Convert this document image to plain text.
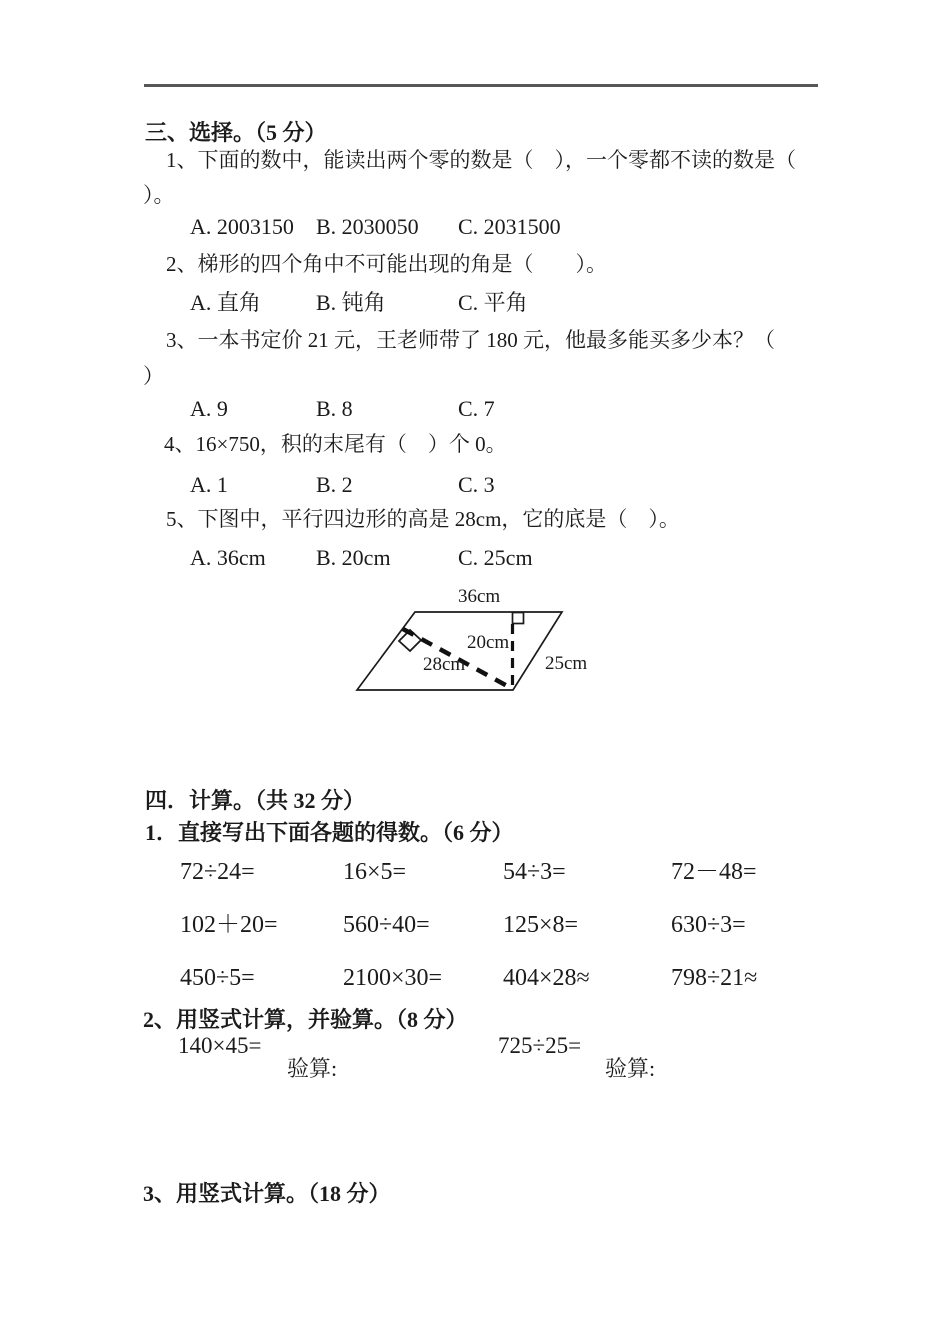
三、选择。（5 分）
1、下面的数中，能读出两个零的数是（　），一个零都不读的数是（
）。
A. 2003150 B. 2030050 C. 2031500
2、梯形的四个角中不可能出现的角是（　　）。
A. 直角	B. 钝角	C. 平角
3、一本书定价 21 元，王老师带了 180 元，他最多能买多少本？（
）
A. 9	B. 8	C. 7
4、16×750，积的末尾有（　）个 0。
A. 1	B. 2	C. 3
5、下图中，平行四边形的高是 28cm，它的底是（　）。
A. 36cm B. 20cm	C. 25cm
36cm
20cm
28cm	25cm
四．计算。（共 32 分）
1．直接写出下面各题的得数。（6 分）
72÷24=	16×5=	54÷3=	72－48=
102＋20=	560÷40=	125×8=	630÷3=
450÷5=	2100×30=	404×28≈	798÷21≈
2、用竖式计算，并验算。（8 分）
140×45=	725÷25=
验算:	验算:
3、用竖式计算。（18 分）
